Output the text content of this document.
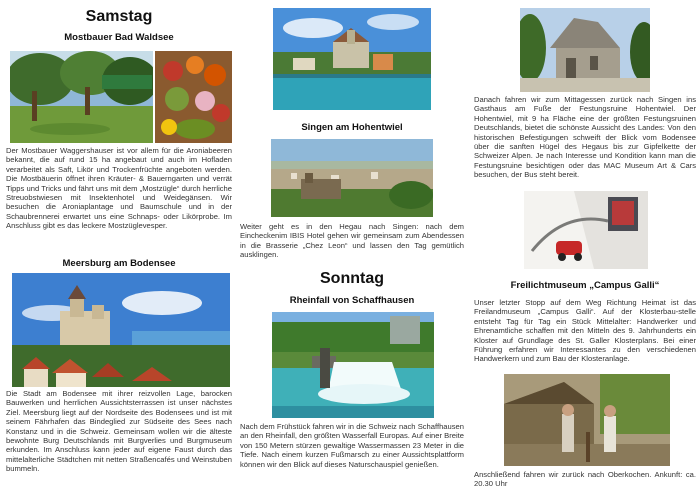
Samstag
Mostbauer Bad Waldsee

Der Mostbauer Waggershauser ist vor allem für die Aroniabeeren bekannt, die auf rund 15 ha angebaut und auch im Hofladen verarbeitet als Saft, Likör und Trockenfrüchte angeboten werden. Die Mostbäuerin öffnet ihren Kräuter- & Bauerngarten und verrät Tipps und Tricks und fährt uns mit dem „Mostzügle“ durch herrliche Streuobstwiesen mit Insektenhotel und Weidegänsen. Wir besuchen die Aroniaplantage und Baumschule und in der Schaubrennerei erwartet uns eine Schnaps- oder Likörprobe. Im Anschluss gibt es das leckere Mostzüglevesper.

Meersburg am Bodensee

Die Stadt am Bodensee mit ihrer reizvollen Lage, barocken Bauwerken und herrlichen Aussichtsterrassen ist unser nächstes Ziel. Meersburg liegt auf der Nordseite des Bodensees und ist mit seinem Fährhafen das Bindeglied zur Südseite des Sees nach Konstanz und in die Schweiz. Gemeinsam wollen wir die älteste bewohnte Burg Deutschlands mit Burgverlies und Burgmuseum erkunden. Im Anschluss kann jeder auf eigene Faust durch das mittelalterliche Städtchen mit netten Straßencafés und Weinstuben bummeln.

Singen am Hohentwiel

Weiter geht es in den Hegau nach Singen: nach dem Eincheckenim IBIS Hotel gehen wir gemeinsam zum Abendessen in die Brasserie „Chez Leon“ und lassen den Tag gemütlich ausklingen.

Sonntag
Rheinfall von Schaffhausen

Nach dem Frühstück fahren wir in die Schweiz nach Schaffhausen an den Rheinfall, den größten Wasserfall Europas. Auf einer Breite von 150 Metern stürzen gewaltige Wassermassen 23 Meter in die Tiefe. Nach einem kurzen Fußmarsch zu einer Aussichtsplattform können wir den Blick auf dieses Naturschauspiel genießen.

Danach fahren wir zum Mittagessen zurück nach Singen ins Gasthaus am Fuße der Festungsruine Hohentwiel. Der Hohentwiel, mit 9 ha Fläche eine der größten Festungsruinen Deutschlands, bietet die schönste Aussicht des Landes: Von den historischen Befestigungen schweift der Blick vom Bodensee über die sanften Hügel des Hegaus bis zur Gipfelkette der Schweizer Alpen. Je nach Interesse und Kondition kann man die Festungsruine besichtigen oder das MAC Museum Art & Cars besuchen, der Bus steht bereit.

Freilichtmuseum „Campus Galli“

Unser letzter Stopp auf dem Weg Richtung Heimat ist das Freilandmuseum „Campus Galli“. Auf der Klosterbau-stelle entsteht Tag für Tag ein Stück Mittelalter: Handwerker und Ehrenamtliche schaffen mit den Mitteln des 9. Jahrhunderts ein Kloster auf Grundlage des St. Galler Klosterplans. Bei einer Führung erfahren wir Interessantes zu den verschiedenen Handwerkern und zum Bau der Klosteranlage.

Anschließend fahren wir zurück nach Oberkochen. Ankunft: ca. 20.30 Uhr
